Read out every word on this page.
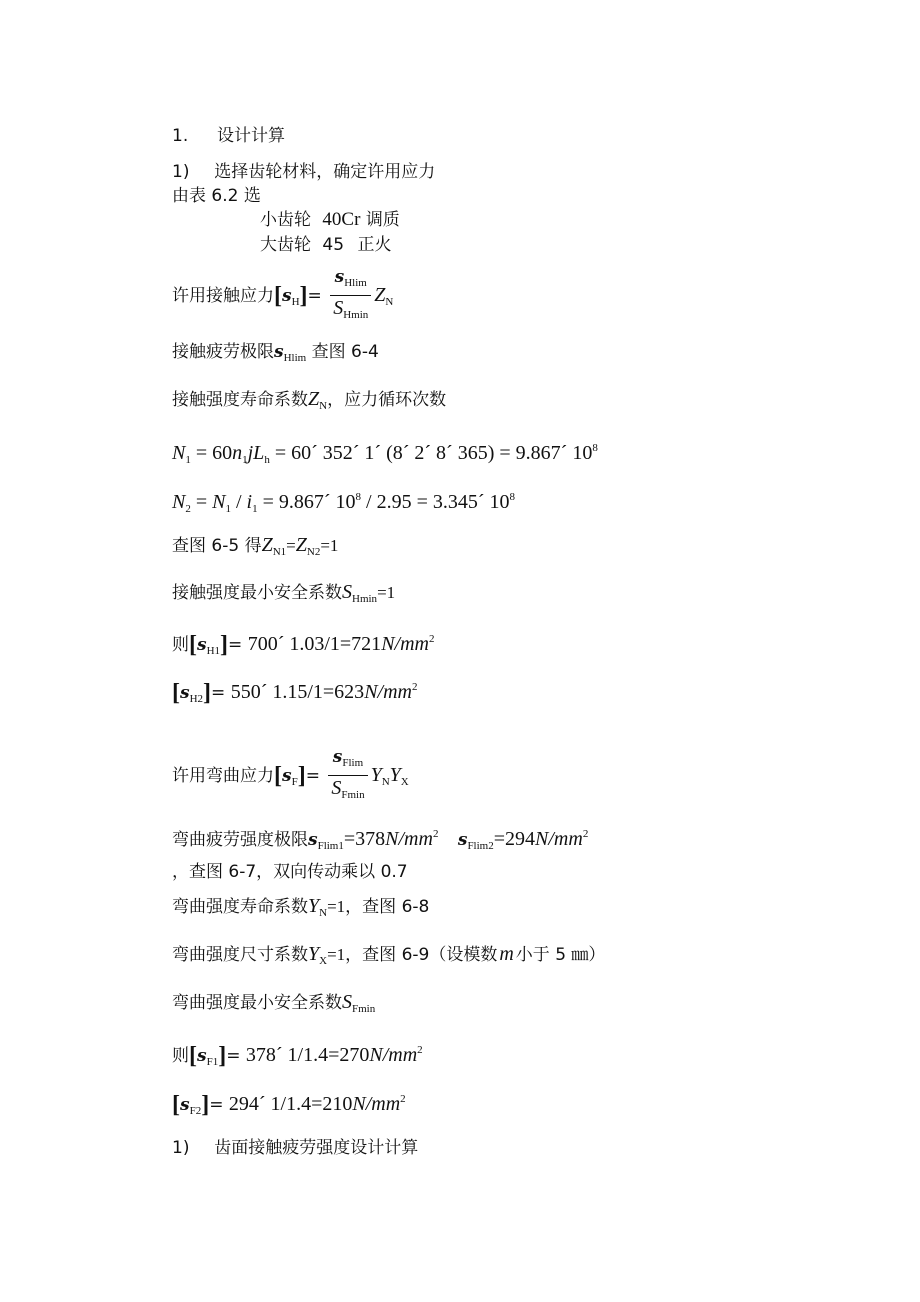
1. 设计计算
1) 选择齿轮材料，确定许用应力
由表 6.2 选
小齿轮 40Cr 调质
大齿轮 45 正火
许用接触应力$[s_H]= \frac{s_{Hlim}}{S_{Hmin}} Z_N$
接触疲劳极限$s_{Hlim}$ 查图 6-4
接触强度寿命系数$Z_N$，应力循环次数
$N_1 = 60n_1jL_h$ = 60´ 352´ 1´ (8´ 2´ 8´ 365) = 9.867´ $10^8$
$N_2 = N_1 / i_1$ = 9.867´ $10^8 / 2.95$ = 3.345´ $10^8$
查图 6-5 得$Z_{N1}=Z_{N2}=1$
接触强度最小安全系数$S_{Hmin}=1$
则$[s_{H1}]=$ 700´ $1.03/1=721N/mm^2$
$[s_{H2}]=$ 550´ $1.15/1=623N/mm^2$
许用弯曲应力$[s_F]= \frac{s_{Flim}}{S_{Fmin}} Y_NY_X$
弯曲疲劳强度极限$s_{Flim1}=378N/mm^2$ $s_{Flim2}=294N/mm^2$
，查图 6-7，双向传动乘以 0.7
弯曲强度寿命系数$Y_N=1$，查图 6-8
弯曲强度尺寸系数$Y_X=1$，查图 6-9（设模数 m 小于 5 ㎜）
弯曲强度最小安全系数$S_{Fmin}$
则$[s_{F1}]=$ 378´ $1/1.4=270N/mm^2$
$[s_{F2}]=$ 294´ $1/1.4=210N/mm^2$
1) 齿面接触疲劳强度设计计算
